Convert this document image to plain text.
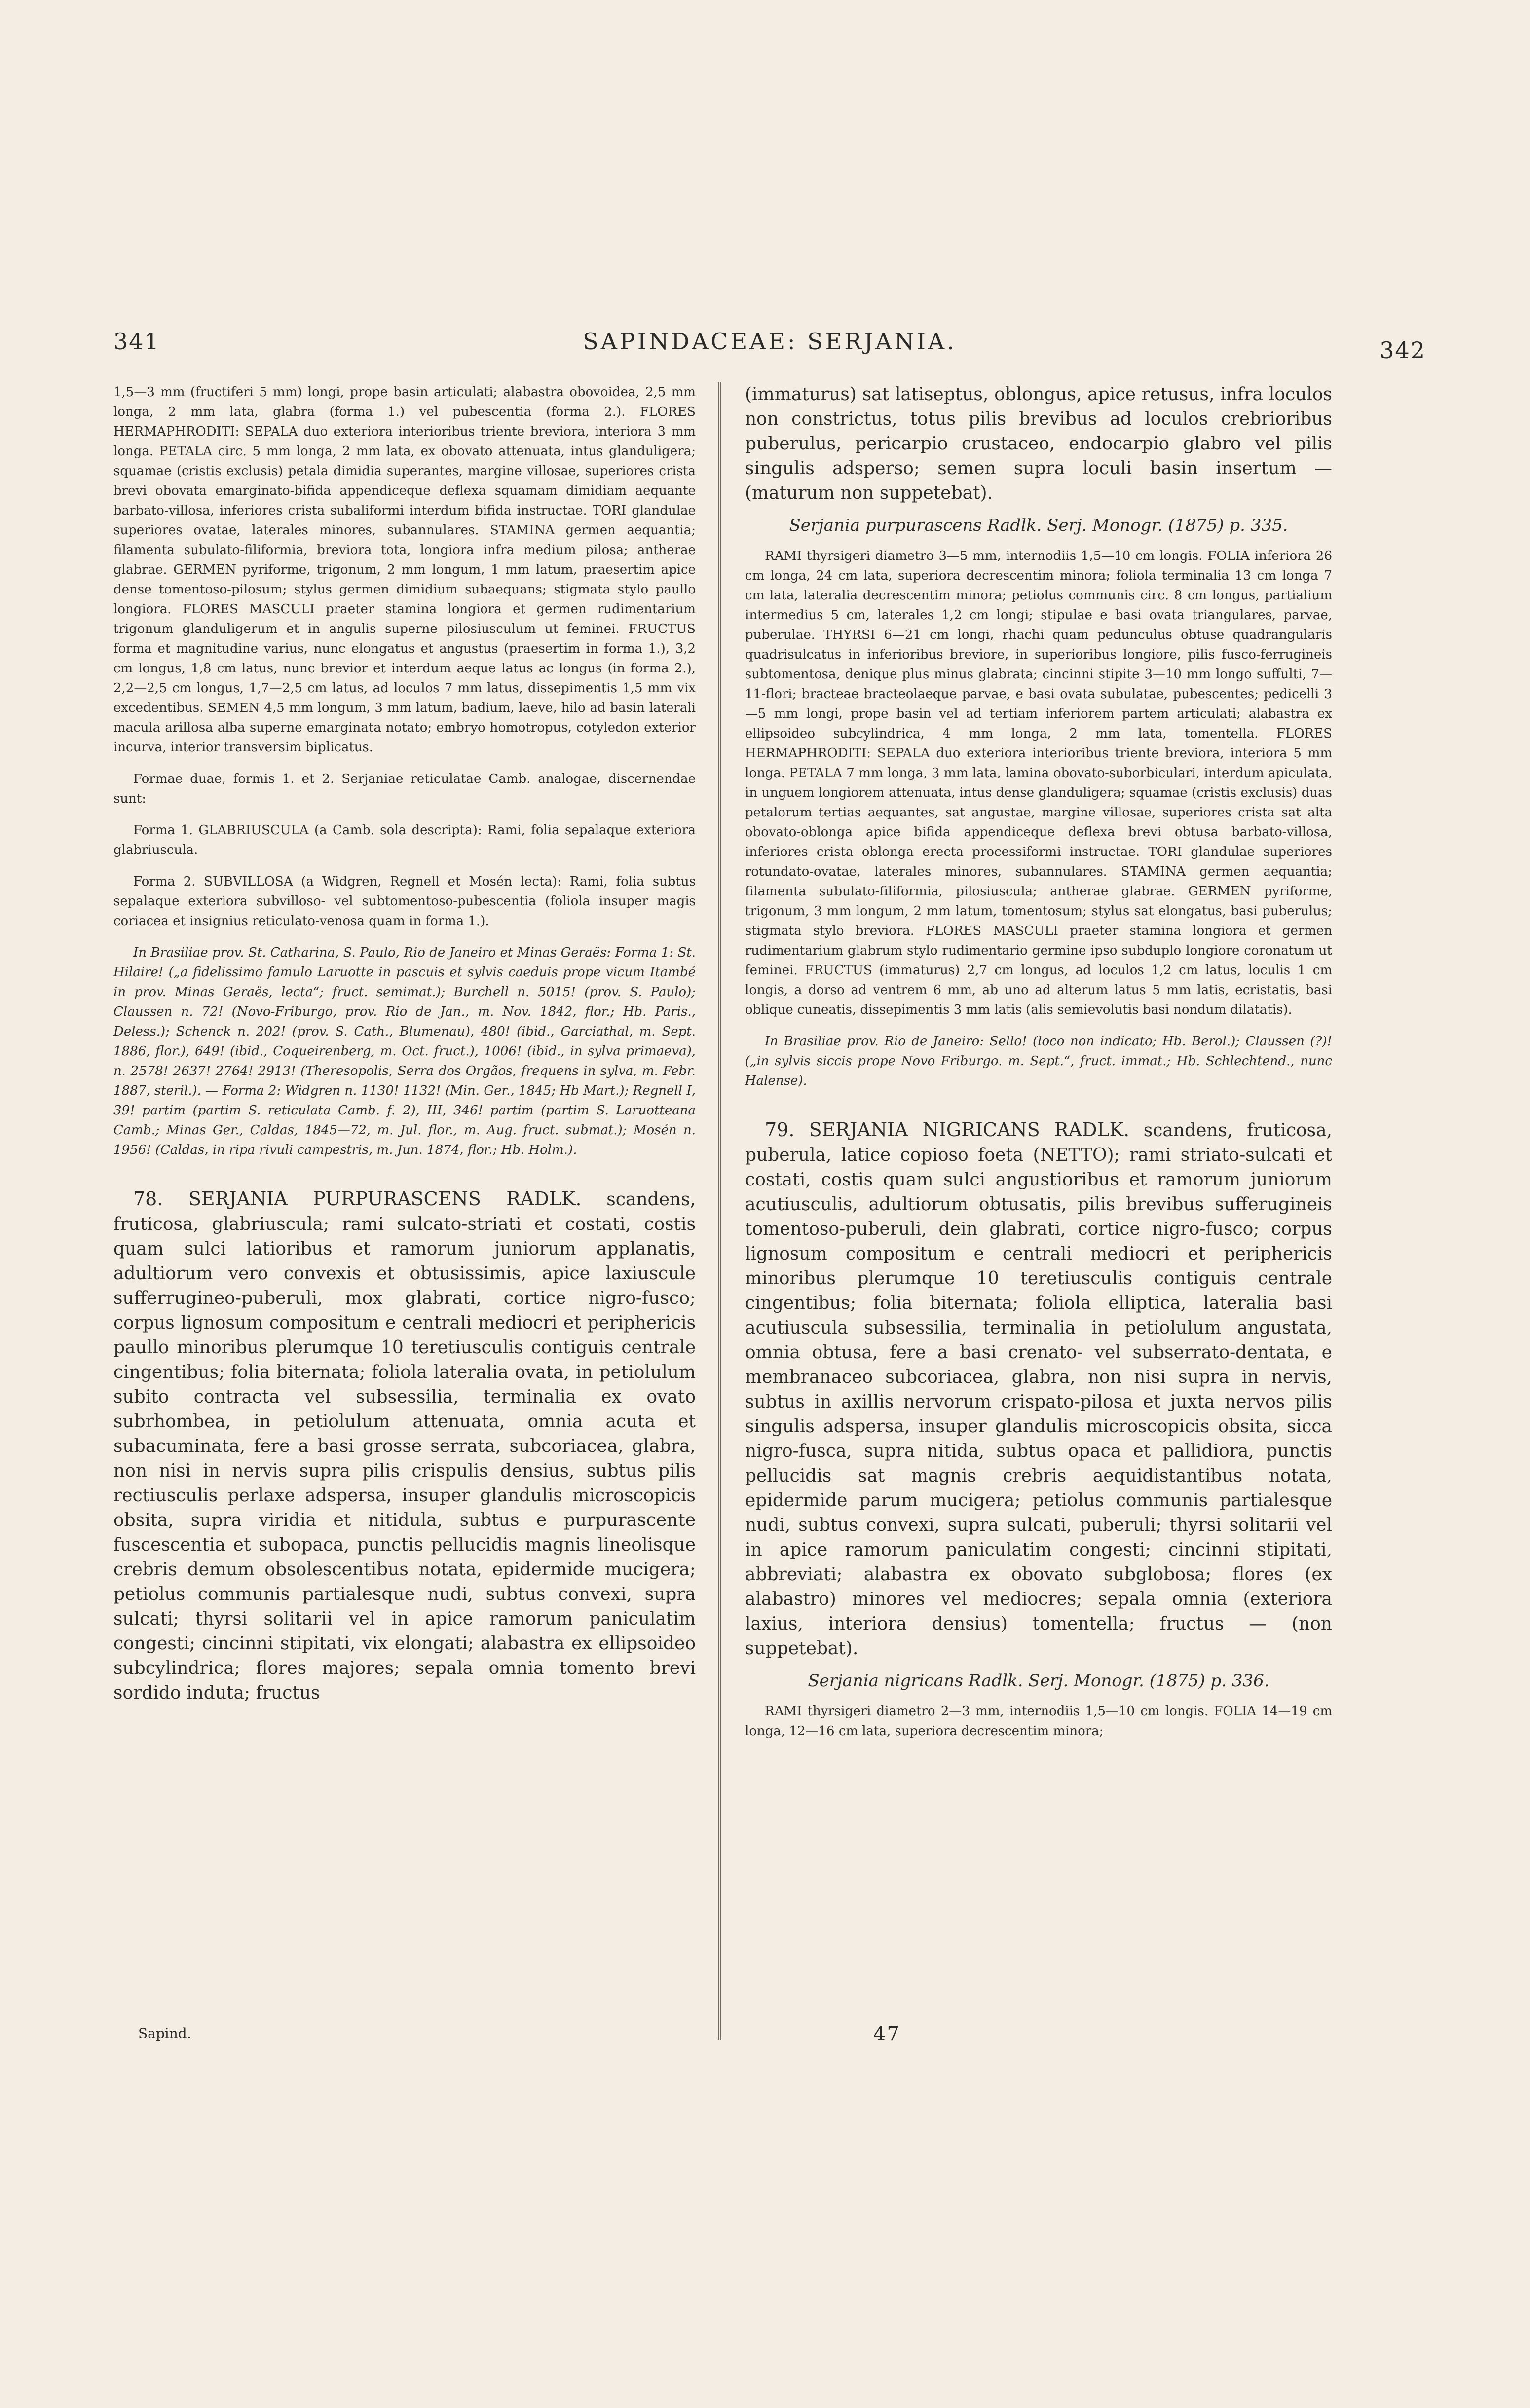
341	SAPINDACEAE: SERJANIA.	342

1,5—3 mm (fructiferi 5 mm) longi, prope basin articulati; alabastra obovoidea, 2,5 mm longa, 2 mm lata, glabra (forma 1.) vel pubescentia (forma 2.). FLORES HERMAPHRODITI: SEPALA duo exteriora interioribus triente breviora, interiora 3 mm longa. PETALA circ. 5 mm longa, 2 mm lata, ex obovato attenuata, intus glanduligera; squamae (cristis exclusis) petala dimidia superantes, margine villosae, superiores crista brevi obovata emarginato-bifida appendiceque deflexa squamam dimidiam aequante barbato-villosa, inferiores crista subaliformi interdum bifida instructae. TORI glandulae superiores ovatae, laterales minores, subannulares. STAMINA germen aequantia; filamenta subulato-filiformia, breviora tota, longiora infra medium pilosa; antherae glabrae. GERMEN pyriforme, trigonum, 2 mm longum, 1 mm latum, praesertim apice dense tomentoso-pilosum; stylus germen dimidium subaequans; stigmata stylo paullo longiora. FLORES MASCULI praeter stamina longiora et germen rudimentarium trigonum glanduligerum et in angulis superne pilosiusculum ut feminei. FRUCTUS forma et magnitudine varius, nunc elongatus et angustus (praesertim in forma 1.), 3,2 cm longus, 1,8 cm latus, nunc brevior et interdum aeque latus ac longus (in forma 2.), 2,2—2,5 cm longus, 1,7—2,5 cm latus, ad loculos 7 mm latus, dissepimentis 1,5 mm vix excedentibus. SEMEN 4,5 mm longum, 3 mm latum, badium, laeve, hilo ad basin laterali macula arillosa alba superne emarginata notato; embryo homotropus, cotyledon exterior incurva, interior transversim biplicatus.

Formae duae, formis 1. et 2. Serjaniae reticulatae Camb. analogae, discernendae sunt:

Forma 1. GLABRIUSCULA (a Camb. sola descripta): Rami, folia sepalaque exteriora glabriuscula.

Forma 2. SUBVILLOSA (a Widgren, Regnell et Mosén lecta): Rami, folia subtus sepalaque exteriora subvilloso- vel subtomentoso-pubescentia (foliola insuper magis coriacea et insignius reticulato-venosa quam in forma 1.).

In Brasiliae prov. St. Catharina, S. Paulo, Rio de Janeiro et Minas Geraës: Forma 1: St. Hilaire! („a fidelissimo famulo Laruotte in pascuis et sylvis caeduis prope vicum Itambé in prov. Minas Geraës, lecta“; fruct. semimat.); Burchell n. 5015! (prov. S. Paulo); Claussen n. 72! (Novo-Friburgo, prov. Rio de Jan., m. Nov. 1842, flor.; Hb. Paris., Deless.); Schenck n. 202! (prov. S. Cath., Blumenau), 480! (ibid., Garciathal, m. Sept. 1886, flor.), 649! (ibid., Coqueirenberg, m. Oct. fruct.), 1006! (ibid., in sylva primaeva), n. 2578! 2637! 2764! 2913! (Theresopolis, Serra dos Orgãos, frequens in sylva, m. Febr. 1887, steril.). — Forma 2: Widgren n. 1130! 1132! (Min. Ger., 1845; Hb Mart.); Regnell I, 39! partim (partim S. reticulata Camb. f. 2), III, 346! partim (partim S. Laruotteana Camb.; Minas Ger., Caldas, 1845—72, m. Jul. flor., m. Aug. fruct. submat.); Mosén n. 1956! (Caldas, in ripa rivuli campestris, m. Jun. 1874, flor.; Hb. Holm.).

78. SERJANIA PURPURASCENS RADLK. scandens, fruticosa, glabriuscula; rami sulcato-striati et costati, costis quam sulci latioribus et ramorum juniorum applanatis, adultiorum vero convexis et obtusissimis, apice laxiuscule sufferrugineo-puberuli, mox glabrati, cortice nigro-fusco; corpus lignosum compositum e centrali mediocri et periphericis paullo minoribus plerumque 10 teretiusculis contiguis centrale cingentibus; folia biternata; foliola lateralia ovata, in petiolulum subito contracta vel subsessilia, terminalia ex ovato subrhombea, in petiolulum attenuata, omnia acuta et subacuminata, fere a basi grosse serrata, subcoriacea, glabra, non nisi in nervis supra pilis crispulis densius, subtus pilis rectiusculis perlaxe adspersa, insuper glandulis microscopicis obsita, supra viridia et nitidula, subtus e purpurascente fuscescentia et subopaca, punctis pellucidis magnis lineolisque crebris demum obsolescentibus notata, epidermide mucigera; petiolus communis partialesque nudi, subtus convexi, supra sulcati; thyrsi solitarii vel in apice ramorum paniculatim congesti; cincinni stipitati, vix elongati; alabastra ex ellipsoideo subcylindrica; flores majores; sepala omnia tomento brevi sordido induta; fructus

(immaturus) sat latiseptus, oblongus, apice retusus, infra loculos non constrictus, totus pilis brevibus ad loculos crebrioribus puberulus, pericarpio crustaceo, endocarpio glabro vel pilis singulis adsperso; semen supra loculi basin insertum — (maturum non suppetebat).

Serjania purpurascens Radlk. Serj. Monogr. (1875) p. 335.

RAMI thyrsigeri diametro 3—5 mm, internodiis 1,5—10 cm longis. FOLIA inferiora 26 cm longa, 24 cm lata, superiora decrescentim minora; foliola terminalia 13 cm longa 7 cm lata, lateralia decrescentim minora; petiolus communis circ. 8 cm longus, partialium intermedius 5 cm, laterales 1,2 cm longi; stipulae e basi ovata triangulares, parvae, puberulae. THYRSI 6—21 cm longi, rhachi quam pedunculus obtuse quadrangularis quadrisulcatus in inferioribus breviore, in superioribus longiore, pilis fusco-ferrugineis subtomentosa, denique plus minus glabrata; cincinni stipite 3—10 mm longo suffulti, 7—11-flori; bracteae bracteolaeque parvae, e basi ovata subulatae, pubescentes; pedicelli 3—5 mm longi, prope basin vel ad tertiam inferiorem partem articulati; alabastra ex ellipsoideo subcylindrica, 4 mm longa, 2 mm lata, tomentella. FLORES HERMAPHRODITI: SEPALA duo exteriora interioribus triente breviora, interiora 5 mm longa. PETALA 7 mm longa, 3 mm lata, lamina obovato-suborbiculari, interdum apiculata, in unguem longiorem attenuata, intus dense glanduligera; squamae (cristis exclusis) duas petalorum tertias aequantes, sat angustae, margine villosae, superiores crista sat alta obovato-oblonga apice bifida appendiceque deflexa brevi obtusa barbato-villosa, inferiores crista oblonga erecta processiformi instructae. TORI glandulae superiores rotundato-ovatae, laterales minores, subannulares. STAMINA germen aequantia; filamenta subulato-filiformia, pilosiuscula; antherae glabrae. GERMEN pyriforme, trigonum, 3 mm longum, 2 mm latum, tomentosum; stylus sat elongatus, basi puberulus; stigmata stylo breviora. FLORES MASCULI praeter stamina longiora et germen rudimentarium glabrum stylo rudimentario germine ipso subduplo longiore coronatum ut feminei. FRUCTUS (immaturus) 2,7 cm longus, ad loculos 1,2 cm latus, loculis 1 cm longis, a dorso ad ventrem 6 mm, ab uno ad alterum latus 5 mm latis, ecristatis, basi oblique cuneatis, dissepimentis 3 mm latis (alis semievolutis basi nondum dilatatis).

In Brasiliae prov. Rio de Janeiro: Sello! (loco non indicato; Hb. Berol.); Claussen (?)! („in sylvis siccis prope Novo Friburgo. m. Sept.“, fruct. immat.; Hb. Schlechtend., nunc Halense).

79. SERJANIA NIGRICANS RADLK. scandens, fruticosa, puberula, latice copioso foeta (NETTO); rami striato-sulcati et costati, costis quam sulci angustioribus et ramorum juniorum acutiusculis, adultiorum obtusatis, pilis brevibus sufferugineis tomentoso-puberuli, dein glabrati, cortice nigro-fusco; corpus lignosum compositum e centrali mediocri et periphericis minoribus plerumque 10 teretiusculis contiguis centrale cingentibus; folia biternata; foliola elliptica, lateralia basi acutiuscula subsessilia, terminalia in petiolulum angustata, omnia obtusa, fere a basi crenato- vel subserrato-dentata, e membranaceo subcoriacea, glabra, non nisi supra in nervis, subtus in axillis nervorum crispato-pilosa et juxta nervos pilis singulis adspersa, insuper glandulis microscopicis obsita, sicca nigro-fusca, supra nitida, subtus opaca et pallidiora, punctis pellucidis sat magnis crebris aequidistantibus notata, epidermide parum mucigera; petiolus communis partialesque nudi, subtus convexi, supra sulcati, puberuli; thyrsi solitarii vel in apice ramorum paniculatim congesti; cincinni stipitati, abbreviati; alabastra ex obovato subglobosa; flores (ex alabastro) minores vel mediocres; sepala omnia (exteriora laxius, interiora densius) tomentella; fructus — (non suppetebat).

Serjania nigricans Radlk. Serj. Monogr. (1875) p. 336.

RAMI thyrsigeri diametro 2—3 mm, internodiis 1,5—10 cm longis. FOLIA 14—19 cm longa, 12—16 cm lata, superiora decrescentim minora;

Sapind.	47
